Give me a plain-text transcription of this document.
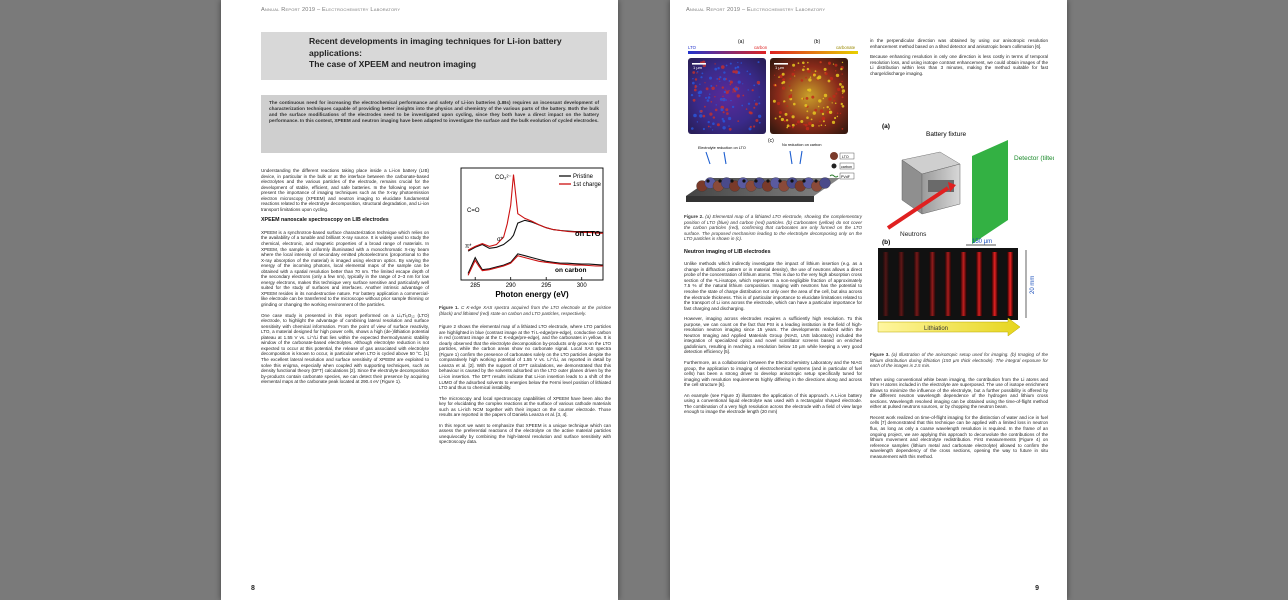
Annual Report 2019 – Electrochemistry Laboratory
Recent developments in imaging techniques for Li-ion battery applications:
The case of XPEEM and neutron imaging
The continuous need for increasing the electrochemical performance and safety of Li-ion batteries (LIBs) requires an incessant development of characterization techniques capable of providing better insights into the physics and chemistry of the various parts of the battery. Both the bulk and the surface modifications of the electrodes need to be investigated upon cycling, since they both have a direct impact on the battery performance. In this context, XPEEM and neutron imaging have been adapted to investigate the surface and the bulk evolution of cycled electrodes.

Understanding the different reactions taking place inside a Li-ion battery (LIB) device, in particular in the bulk or at the interface between the carbonate-based electrolytes and the various particles of the electrode, remains crucial for the development of stable, efficient, and safe batteries. In the following report we present the importance of imaging techniques such as the X-ray photoemission electron microscopy (XPEEM) and neutron imaging to elucidate fundamental reactions related to the electrolyte decomposition, structural degradation, and Li-ion transport limitations upon cycling.

XPEEM nanoscale spectroscopy on LIB electrodes

XPEEM is a synchrotron-based surface characterization technique which relies on the availability of a tunable and brilliant X-ray source. It is widely used to study the chemical, electronic, and magnetic properties of a broad range of materials. In XPEEM, the sample is uniformly illuminated with a monochromatic X-ray beam where the local intensity of secondary emitted photoelectrons (proportional to the X-ray absorption of the material) is imaged using electron optics. By varying the energy of the incoming photons, local elemental maps of the sample can be obtained with a spatial resolution better than 70 nm. The limited escape depth of the secondary electrons (only a few nm), typically in the range of 2–3 nm for low energy electrons, makes this technique very surface sensitive and particularly well suited for the study of surfaces and interfaces. Another intrinsic advantage of XPEEM resides in its nondestructive nature. For battery application a commercial-like electrode can be transferred to the microscope without prior sample thinning or grinding or changing the working environment of the particles.

One case study is presented in this report performed on a Li₄Ti₅O₁₂ (LTO) electrode, to highlight the advantage of combining lateral resolution and surface sensitivity with chemical information. From the point of view of surface reactivity, LTO, a material designed for high power cells, shows a high (de-)lithiation potential plateau at 1.55 V vs. Li⁺/Li that lies within the expected thermodynamic stability window of the carbonate-based electrolytes. Although electrolyte reduction is not expected to occur at this potential, the release of gas associated with electrolyte decomposition is known to occur, in particular when LTO is cycled above 50 °C. [1] The excellent lateral resolution and surface sensitivity of XPEEM are exploited to solve this enigma, especially when coupled with supporting techniques, such as density functional theory (DFT) calculations [2]. Since the electrolyte decomposition by-products contain carbonate species, we can detect their presence by acquiring elemental maps at the carbonate peak located at 290.4 eV (Figure 1).

285	290	295	300
Pristine
1st charge
CO₃²⁻
C=O
π*
σ*
on LTO
on carbon
Photon energy (eV)

Figure 1. C K-edge XAS spectra acquired from the LTO electrode at the pristine (black) and lithiated (red) state on carbon and LTO particles, respectively.

Figure 2 shows the elemental map of a lithiated LTO electrode, where LTO particles are highlighted in blue (contrast image at the Ti L-edge/pre-edge), conductive carbon in red (contrast image at the C K-edge/pre-edge), and the carbonates in yellow. It is clearly observed that the electrolyte decomposition by-products only grow on the LTO particles, while the carbon areas show no carbonate signal. Local XAS spectra (Figure 1) confirm the presence of carbonates solely on the LTO particles despite the comparatively high working potential of 1.55 V vs. Li⁺/Li, as reported in detail by Leanza et al. [2]. With the support of DFT calculations, we demonstrated that this behaviour is caused by the solvents adsorbed on the LTO outer planes driven by the Li-ion insertion. The DFT results indicate that Li-ion insertion leads to a shift of the LUMO of the adsorbed solvents to energies below the Fermi level position of lithiated LTO and thus to chemical instability.

The microscopy and local spectroscopy capabilities of XPEEM have been also the key for elucidating the complex reactions at the surface of various cathode materials such as Li-rich NCM together with their impact on the counter electrode. Those results are reported in the papers of Daniela Leanza et al. [3, 4].

In this report we want to emphasize that XPEEM is a unique technique which can assess the preferential reactions of the electrolyte on the active material particles unequivocally by combining the high-lateral resolution and surface sensitivity with spectroscopy data.

8
Annual Report 2019 – Electrochemistry Laboratory
(a)	(b)
LTO	carbon	carbonate
1 µm	1 µm
(c)
Electrolyte reduction on LTO
No reduction on carbon
LTO
carbon
PVdF

Figure 2. (a) Elemental map of a lithiated LTO electrode, showing the complementary position of LTO (blue) and carbon (red) particles. (b) Carbonates (yellow) do not cover the carbon particles (red), confirming that carbonates are only formed on the LTO surface. The proposed mechanism leading to the electrolyte decomposing only on the LTO particles is shown in (c).

Neutron imaging of LIB electrodes

Unlike methods which indirectly investigate the impact of lithium insertion (e.g. as a change in diffraction pattern or in material density), the use of neutrons allows a direct probe of the concentration of lithium atoms. This is due to the very high absorption cross section of the ⁶Li-isotope, which represents a non-negligible fraction of approximately 7.5 % of the natural lithium composition. Imaging with neutrons has the potential to resolve the state of charge distribution not only over the area of the cell, but also across the electrode thickness. This is of particular importance to elucidate limitations related to the transport of Li ions across the electrode, which can have a particular importance for fast charging and discharging.

However, imaging across electrodes requires a sufficiently high resolution. To this purpose, we can count on the fact that PSI is a leading institution in the field of high-resolution neutron imaging since 15 years. The developments realized within the Neutron Imaging and Applied Materials Group (NIAG, LNS laboratory) included the integration of specialized optics and novel scintillator screens based on enriched gadolinium, resulting in reaching a resolution below 10 µm while keeping a very good detection efficiency [5].

Furthermore, as a collaboration between the Electrochemistry Laboratory and the NIAG group, the application to imaging of electrochemical systems (and in particular of fuel cells) has been a strong driver to develop anisotropic setup specifically tuned for imaging with resolution requirements highly differing in the directions along and across the cell structure [6].

An example (see Figure 3) illustrates the application of this approach. A Li-ion battery using a conventional liquid electrolyte was used with a rectangular shaped electrode. The combination of a very high resolution across the electrode with a field of view large enough to image the electrode length (20 mm)

in the perpendicular direction was obtained by using our anisotropic resolution enhancement method based on a tilted detector and anisotropic beam collimation [6].

Because enhancing resolution in only one direction is less costly in terms of temporal resolution loss, and using isotope contrast enhancement, we could obtain images of the Li distribution within less than 3 minutes, making the method suitable for fast charge/discharge imaging.

(a)
Battery fixture
Neutrons
Detector (tilted)
(b)	150 µm
20 mm
Lithiation

Figure 3. (a) Illustration of the anisotropic setup used for imaging. (b) Imaging of the lithium distribution during lithiation (150 µm thick electrode). The integral exposure for each of the images is 2.5 min.

When using conventional white beam imaging, the contribution from the Li atoms and from H atoms included in the electrolyte are superposed. The use of isotope enrichment allows to minimize the influence of the electrolyte, but a further possibility is offered by the different neutron wavelength dependence of the hydrogen and lithium cross sections. Wavelength resolved imaging can be obtained using the time-of-flight method either at pulsed neutrons sources, or by chopping the neutron beam.

Recent work realized on time-of-flight imaging for the distinction of water and ice in fuel cells [7] demonstrated that this technique can be applied with a limited loss in neutron flux, as long as only a coarse wavelength resolution is required. In the frame of an ongoing project, we are applying this approach to deconvolute the contributions of the lithium movement and electrolyte redistribution. First measurements (Figure 4) on reference samples (lithium metal and carbonate electrolyte) allowed to confirm the wavelength dependency of the cross sections, opening the way to future in situ measurement with this method.

9
